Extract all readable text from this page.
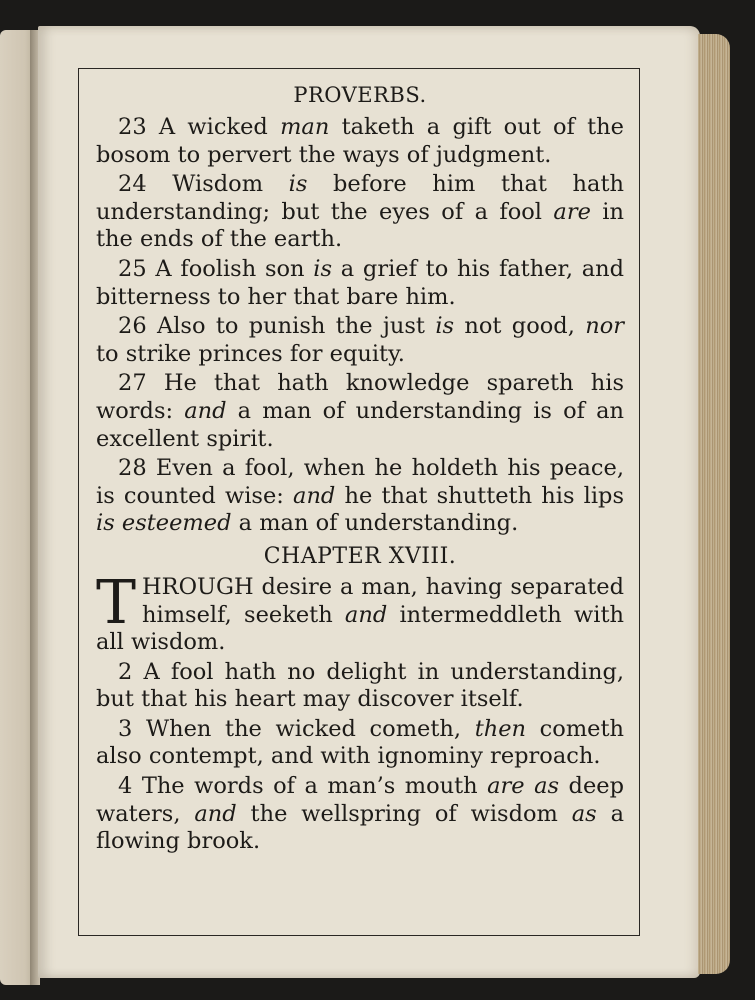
PROVERBS.

23 A wicked man taketh a gift out of the bosom to pervert the ways of judgment.

24 Wisdom is before him that hath understanding; but the eyes of a fool are in the ends of the earth.

25 A foolish son is a grief to his father, and bitterness to her that bare him.

26 Also to punish the just is not good, nor to strike princes for equity.

27 He that hath knowledge spareth his words: and a man of understanding is of an excellent spirit.

28 Even a fool, when he holdeth his peace, is counted wise: and he that shutteth his lips is esteemed a man of understanding.

CHAPTER XVIII.

THROUGH desire a man, having separated himself, seeketh and intermeddleth with all wisdom.

2 A fool hath no delight in understanding, but that his heart may discover itself.

3 When the wicked cometh, then cometh also contempt, and with ignominy reproach.

4 The words of a man’s mouth are as deep waters, and the wellspring of wisdom as a flowing brook.
